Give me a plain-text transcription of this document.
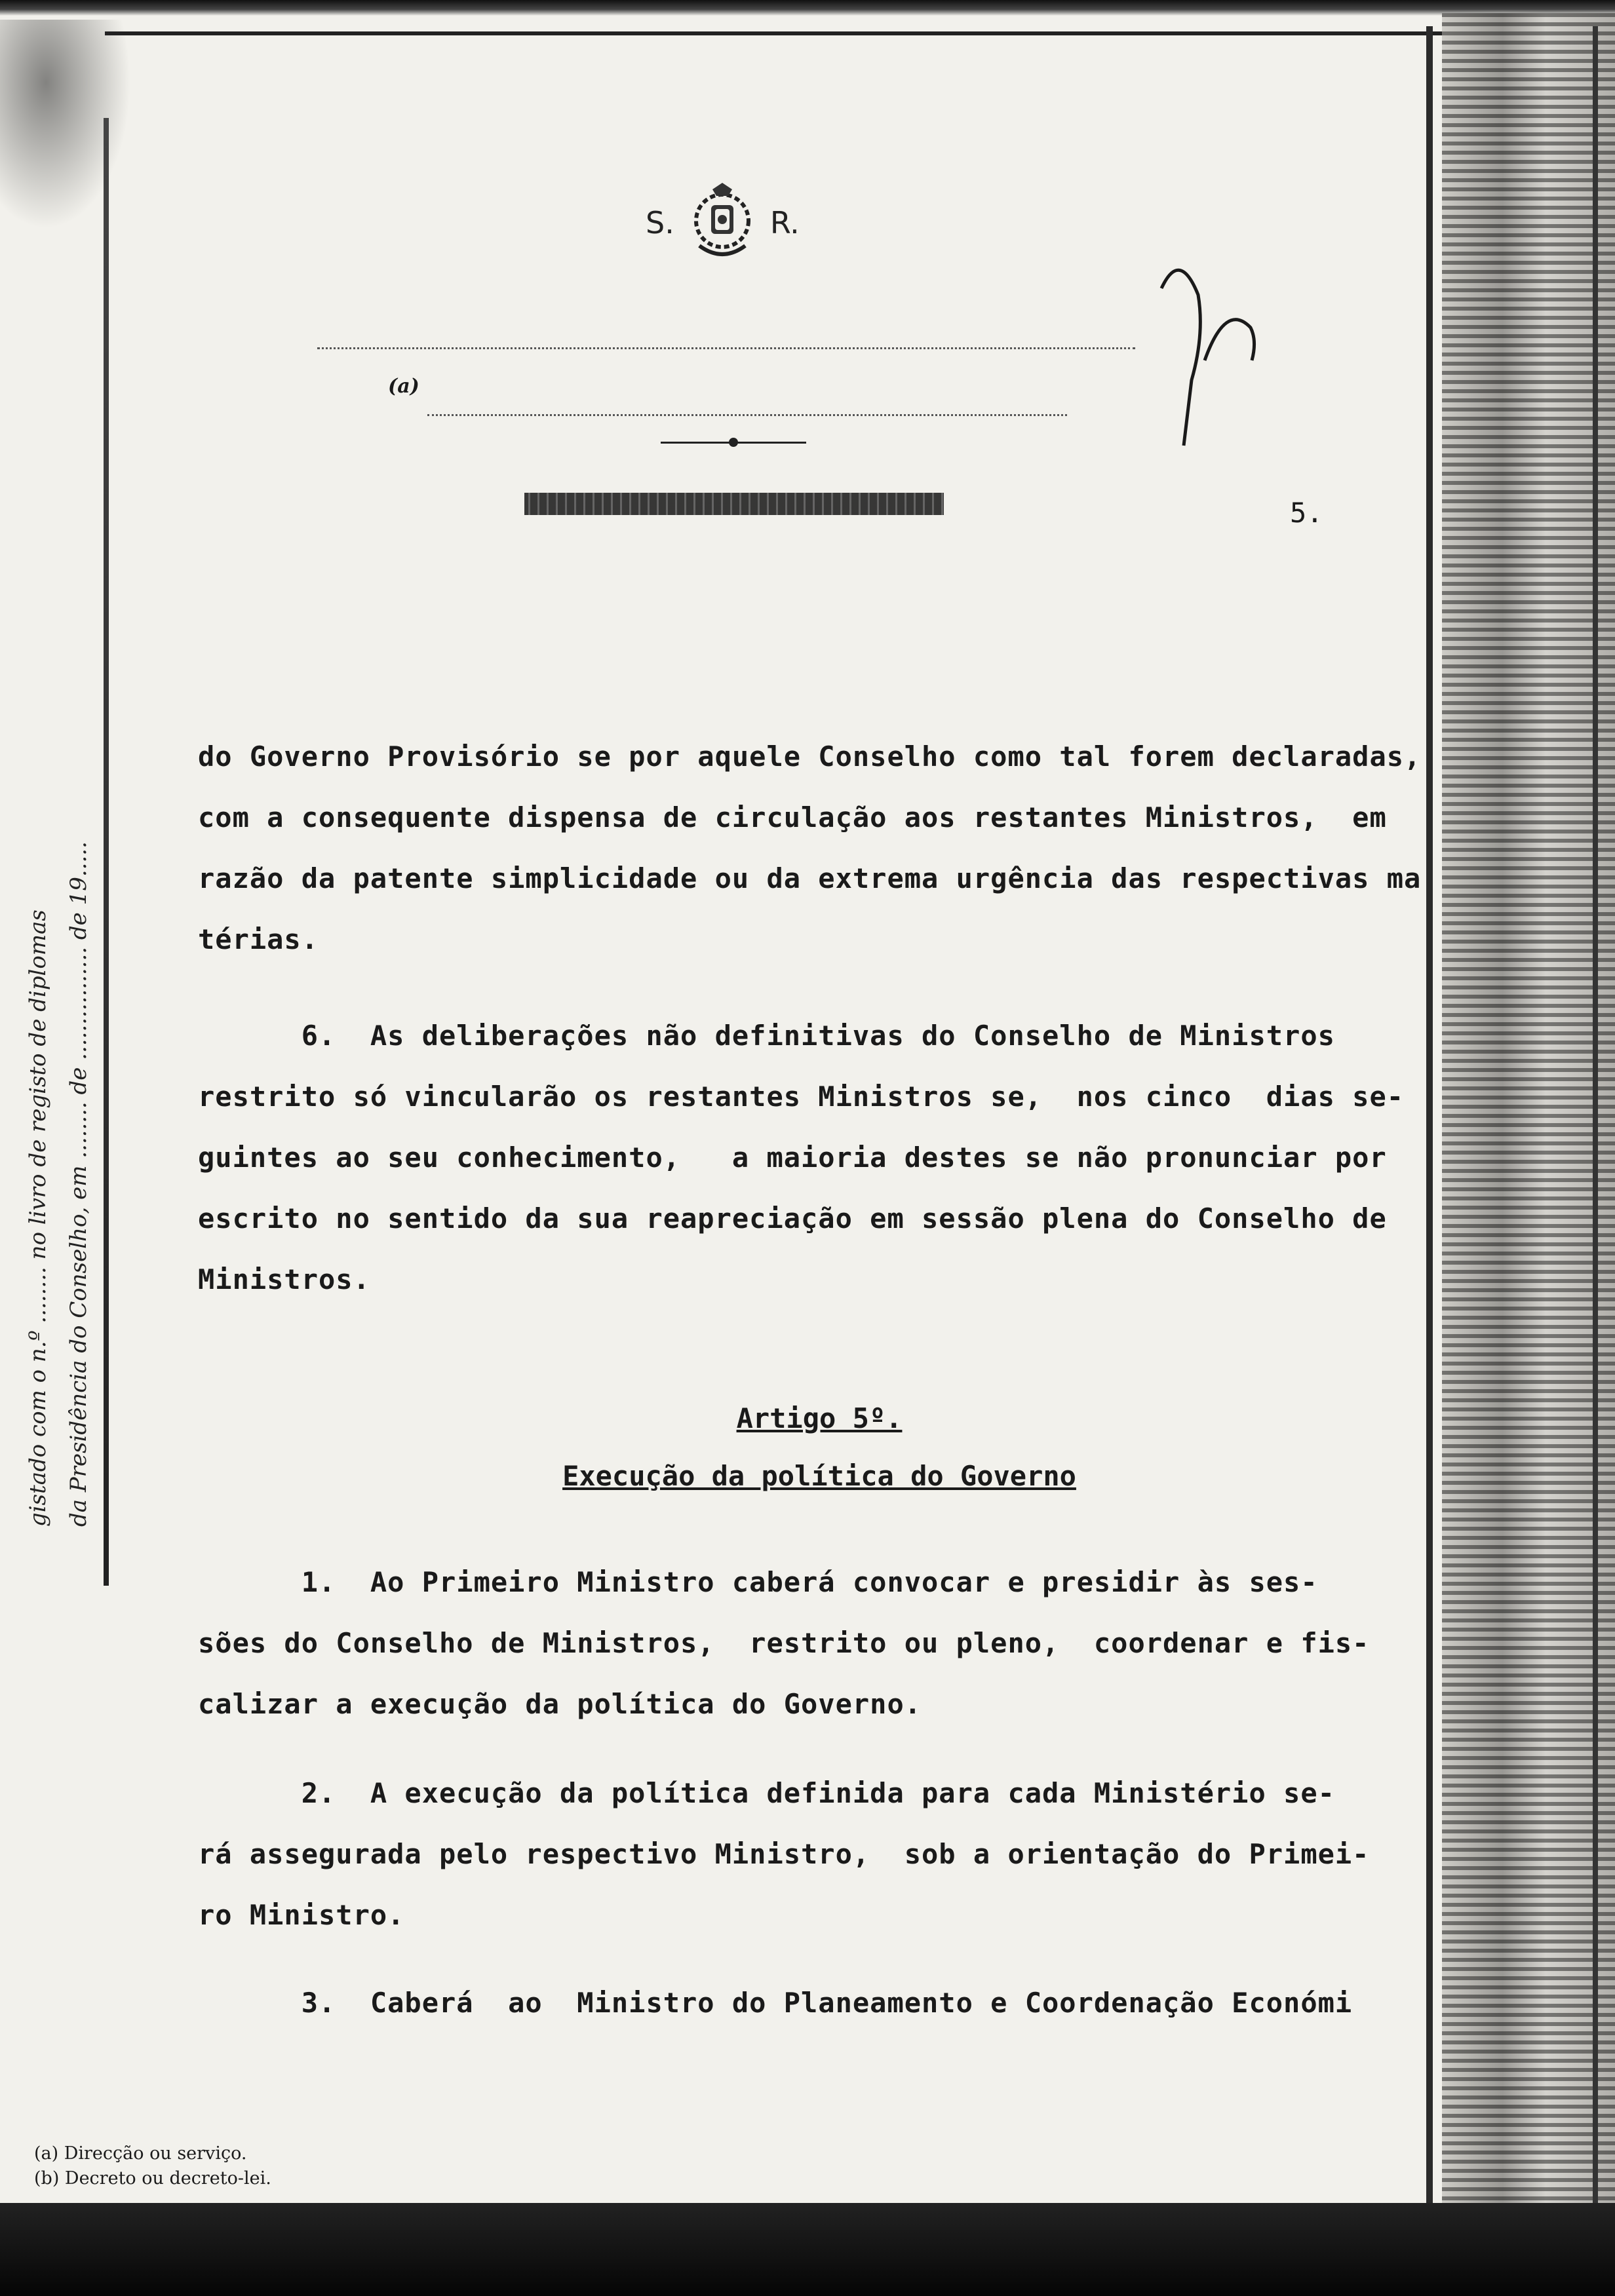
S.	R.
(a)
5.
gistado com o n.º ........ no livro de registo de diplomas da Presidência do Conselho, em ........ de ................ de 19.....
do Governo Provisório se por aquele Conselho como tal forem declaradas,
com a consequente dispensa de circulação aos restantes Ministros,  em
razão da patente simplicidade ou da extrema urgência das respectivas ma
térias.
6.  As deliberações não definitivas do Conselho de Ministros
restrito só vincularão os restantes Ministros se,  nos cinco  dias se-
guintes ao seu conhecimento,   a maioria destes se não pronunciar por
escrito no sentido da sua reapreciação em sessão plena do Conselho de
Ministros.
Artigo 5º.
Execução da política do Governo
1.  Ao Primeiro Ministro caberá convocar e presidir às ses-
sões do Conselho de Ministros,  restrito ou pleno,  coordenar e fis-
calizar a execução da política do Governo.
2.  A execução da política definida para cada Ministério se-
rá assegurada pelo respectivo Ministro,  sob a orientação do Primei-
ro Ministro.
3.  Caberá  ao  Ministro do Planeamento e Coordenação Económi
(a) Direcção ou serviço.
(b) Decreto ou decreto-lei.
